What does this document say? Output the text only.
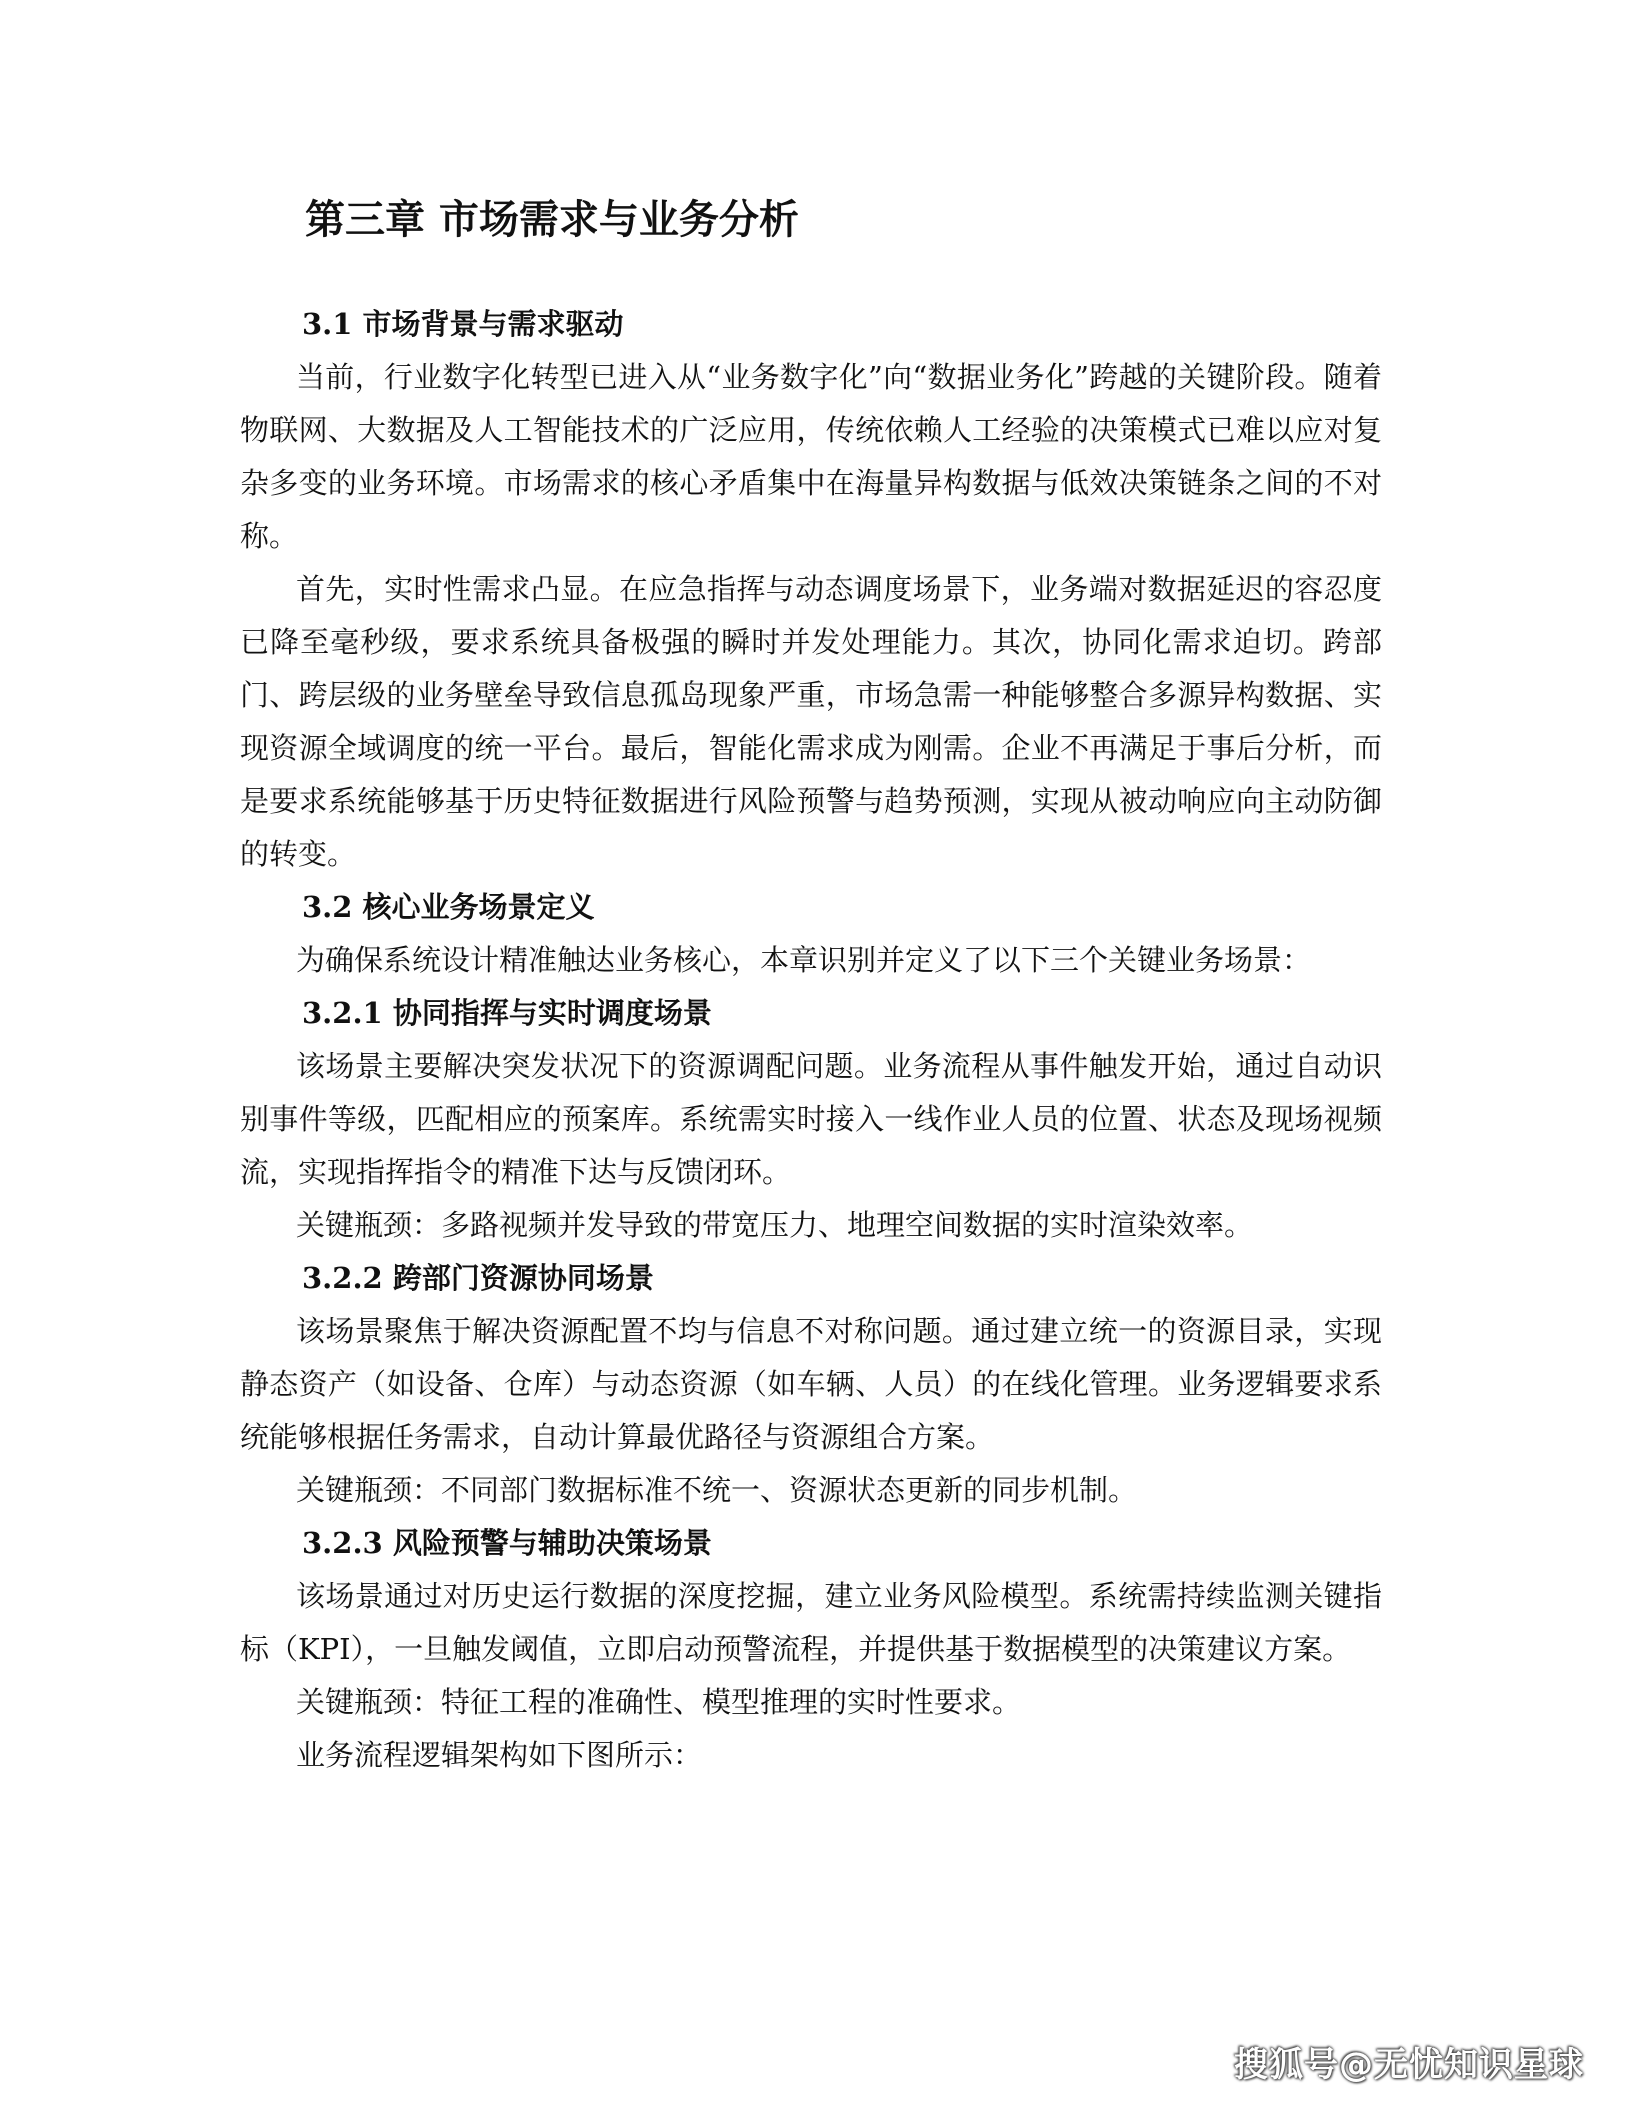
第三章 市场需求与业务分析
3.1 市场背景与需求驱动

当前，行业数字化转型已进入从“业务数字化”向“数据业务化”跨越的关键阶段。随着物联网、大数据及人工智能技术的广泛应用，传统依赖人工经验的决策模式已难以应对复杂多变的业务环境。市场需求的核心矛盾集中在海量异构数据与低效决策链条之间的不对称。

首先，实时性需求凸显。在应急指挥与动态调度场景下，业务端对数据延迟的容忍度已降至毫秒级，要求系统具备极强的瞬时并发处理能力。其次，协同化需求迫切。跨部门、跨层级的业务壁垒导致信息孤岛现象严重，市场急需一种能够整合多源异构数据、实现资源全域调度的统一平台。最后，智能化需求成为刚需。企业不再满足于事后分析，而是要求系统能够基于历史特征数据进行风险预警与趋势预测，实现从被动响应向主动防御的转变。

3.2 核心业务场景定义

为确保系统设计精准触达业务核心，本章识别并定义了以下三个关键业务场景：

3.2.1 协同指挥与实时调度场景

该场景主要解决突发状况下的资源调配问题。业务流程从事件触发开始，通过自动识别事件等级，匹配相应的预案库。系统需实时接入一线作业人员的位置、状态及现场视频流，实现指挥指令的精准下达与反馈闭环。

关键瓶颈：多路视频并发导致的带宽压力、地理空间数据的实时渲染效率。

3.2.2 跨部门资源协同场景

该场景聚焦于解决资源配置不均与信息不对称问题。通过建立统一的资源目录，实现静态资产（如设备、仓库）与动态资源（如车辆、人员）的在线化管理。业务逻辑要求系统能够根据任务需求，自动计算最优路径与资源组合方案。

关键瓶颈：不同部门数据标准不统一、资源状态更新的同步机制。

3.2.3 风险预警与辅助决策场景

该场景通过对历史运行数据的深度挖掘，建立业务风险模型。系统需持续监测关键指标（KPI），一旦触发阈值，立即启动预警流程，并提供基于数据模型的决策建议方案。

关键瓶颈：特征工程的准确性、模型推理的实时性要求。

业务流程逻辑架构如下图所示：

搜狐号@无忧知识星球
